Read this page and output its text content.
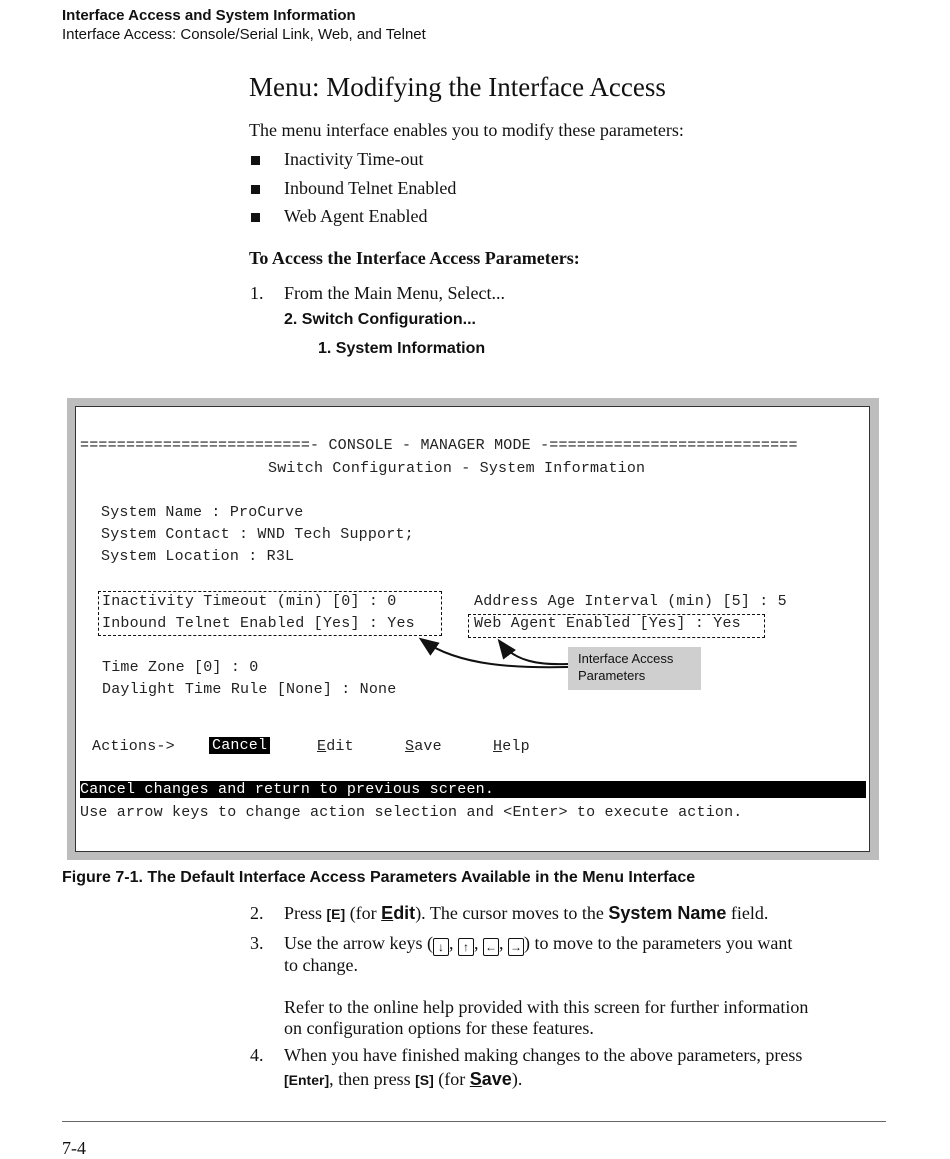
Interface Access and System Information
Interface Access: Console/Serial Link, Web, and Telnet
Menu: Modifying the Interface Access
The menu interface enables you to modify these parameters:
Inactivity Time-out
Inbound Telnet Enabled
Web Agent Enabled
To Access the Interface Access Parameters:
1. From the Main Menu, Select...
2. Switch Configuration...
1. System Information
=========================- CONSOLE - MANAGER MODE -===========================
Switch Configuration - System Information
System Name : ProCurve
System Contact : WND Tech Support;
System Location : R3L
Inactivity Timeout (min) [0] : 0
Inbound Telnet Enabled [Yes] : Yes
Address Age Interval (min) [5] : 5
Web Agent Enabled [Yes] : Yes
Time Zone [0] : 0
Daylight Time Rule [None] : None
Actions-> Cancel	Edit	Save	Help
Cancel changes and return to previous screen.
Use arrow keys to change action selection and <Enter> to execute action.
Interface Access
Parameters
Figure 7-1. The Default Interface Access Parameters Available in the Menu Interface
2. Press [E] (for Edit). The cursor moves to the System Name field.
3. Use the arrow keys ( ↓ , ↑ , ← , → ) to move to the parameters you want
to change.
Refer to the online help provided with this screen for further information
on configuration options for these features.
4. When you have finished making changes to the above parameters, press
[Enter], then press [S] (for Save).
7-4
